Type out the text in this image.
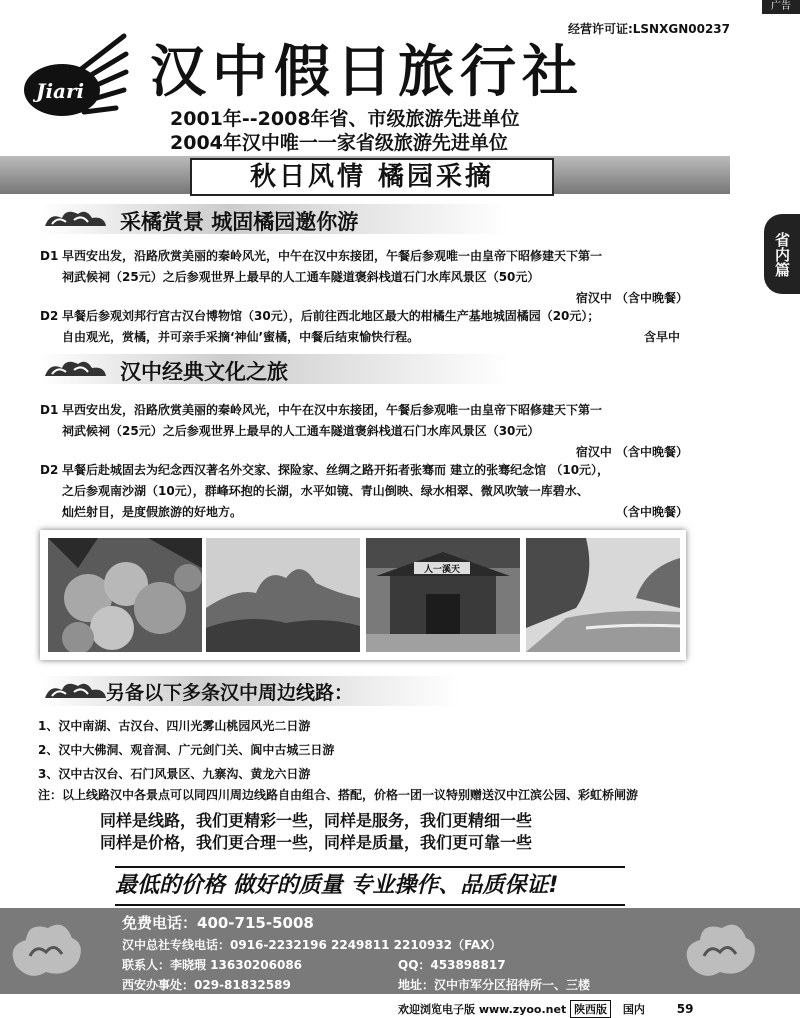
广告
经营许可证:LSNXGN00237
Jiari 汉中假日旅行社
2001年--2008年省、市级旅游先进单位
2004年汉中唯一一家省级旅游先进单位
秋日风情 橘园采摘
省内篇
采橘赏景 城固橘园邀你游
D1 早西安出发，沿路欣赏美丽的秦岭风光，中午在汉中东接团，午餐后参观唯一由皇帝下昭修建天下第一
祠武候祠（25元）之后参观世界上最早的人工通车隧道褒斜栈道石门水库风景区（50元）
宿汉中 （含中晚餐）
D2 早餐后参观刘邦行宫古汉台博物馆（30元），后前往西北地区最大的柑橘生产基地城固橘园（20元）；
自由观光，赏橘，并可亲手采摘‘神仙’蜜橘，中餐后结束愉快行程。	含早中
汉中经典文化之旅
D1 早西安出发，沿路欣赏美丽的秦岭风光，中午在汉中东接团，午餐后参观唯一由皇帝下昭修建天下第一
祠武候祠（25元）之后参观世界上最早的人工通车隧道褒斜栈道石门水库风景区（30元）
宿汉中 （含中晚餐）
D2 早餐后赴城固去为纪念西汉著名外交家、探险家、丝绸之路开拓者张骞而 建立的张骞纪念馆 （10元），
之后参观南沙湖（10元），群峰环抱的长湖，水平如镜、青山倒映、绿水相翠、微风吹皱一库碧水、
灿烂射目，是度假旅游的好地方。	（含中晚餐）
人一溪天
另备以下多条汉中周边线路：
1、汉中南湖、古汉台、四川光雾山桃园风光二日游
2、汉中大佛洞、观音洞、广元剑门关、阆中古城三日游
3、汉中古汉台、石门风景区、九寨沟、黄龙六日游
注：以上线路汉中各景点可以同四川周边线路自由组合、搭配，价格一团一议特别赠送汉中江滨公园、彩虹桥闸游
同样是线路，我们更精彩一些，同样是服务，我们更精细一些
同样是价格，我们更合理一些，同样是质量，我们更可靠一些
最低的价格 做好的质量 专业操作、品质保证!
免费电话：400-715-5008
汉中总社专线电话：0916-2232196 2249811 2210932（FAX）
联系人：李晓瑕 13630206086	QQ：453898817
西安办事处：029-81832589	地址：汉中市军分区招待所一、三楼
欢迎浏览电子版 www.zyoo.net 陕西版 国内	59
